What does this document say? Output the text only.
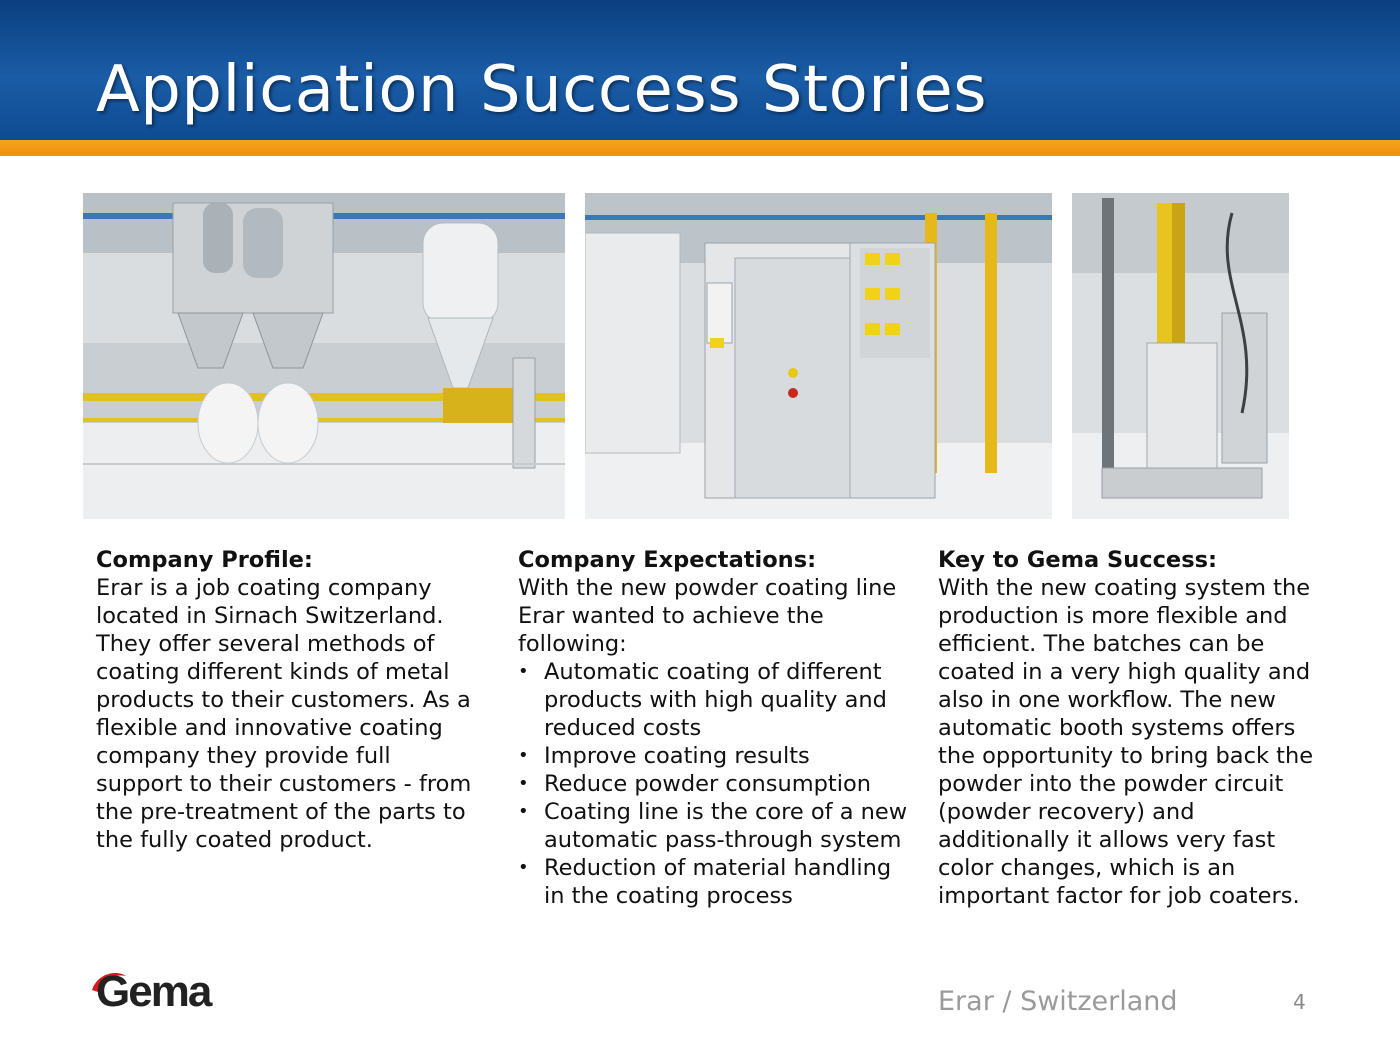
Application Success Stories
Company Profile:
Erar is a job coating company located in Sirnach Switzerland. They offer several methods of coating different kinds of metal products to their customers. As a flexible and innovative coating company they provide full support to their customers - from the pre-treatment of the parts to the fully coated product.
Company Expectations:
With the new powder coating line Erar wanted to achieve the following:
• Automatic coating of different products with high quality and reduced costs
• Improve coating results
• Reduce powder consumption
• Coating line is the core of a new automatic pass-through system
• Reduction of material handling in the coating process
Key to Gema Success:
With the new coating system the production is more flexible and efficient. The batches can be coated in a very high quality and also in one workflow. The new automatic booth systems offers the opportunity to bring back the powder into the powder circuit (powder recovery) and additionally it allows very fast color changes, which is an important factor for job coaters.
Gema	Erar / Switzerland	4
